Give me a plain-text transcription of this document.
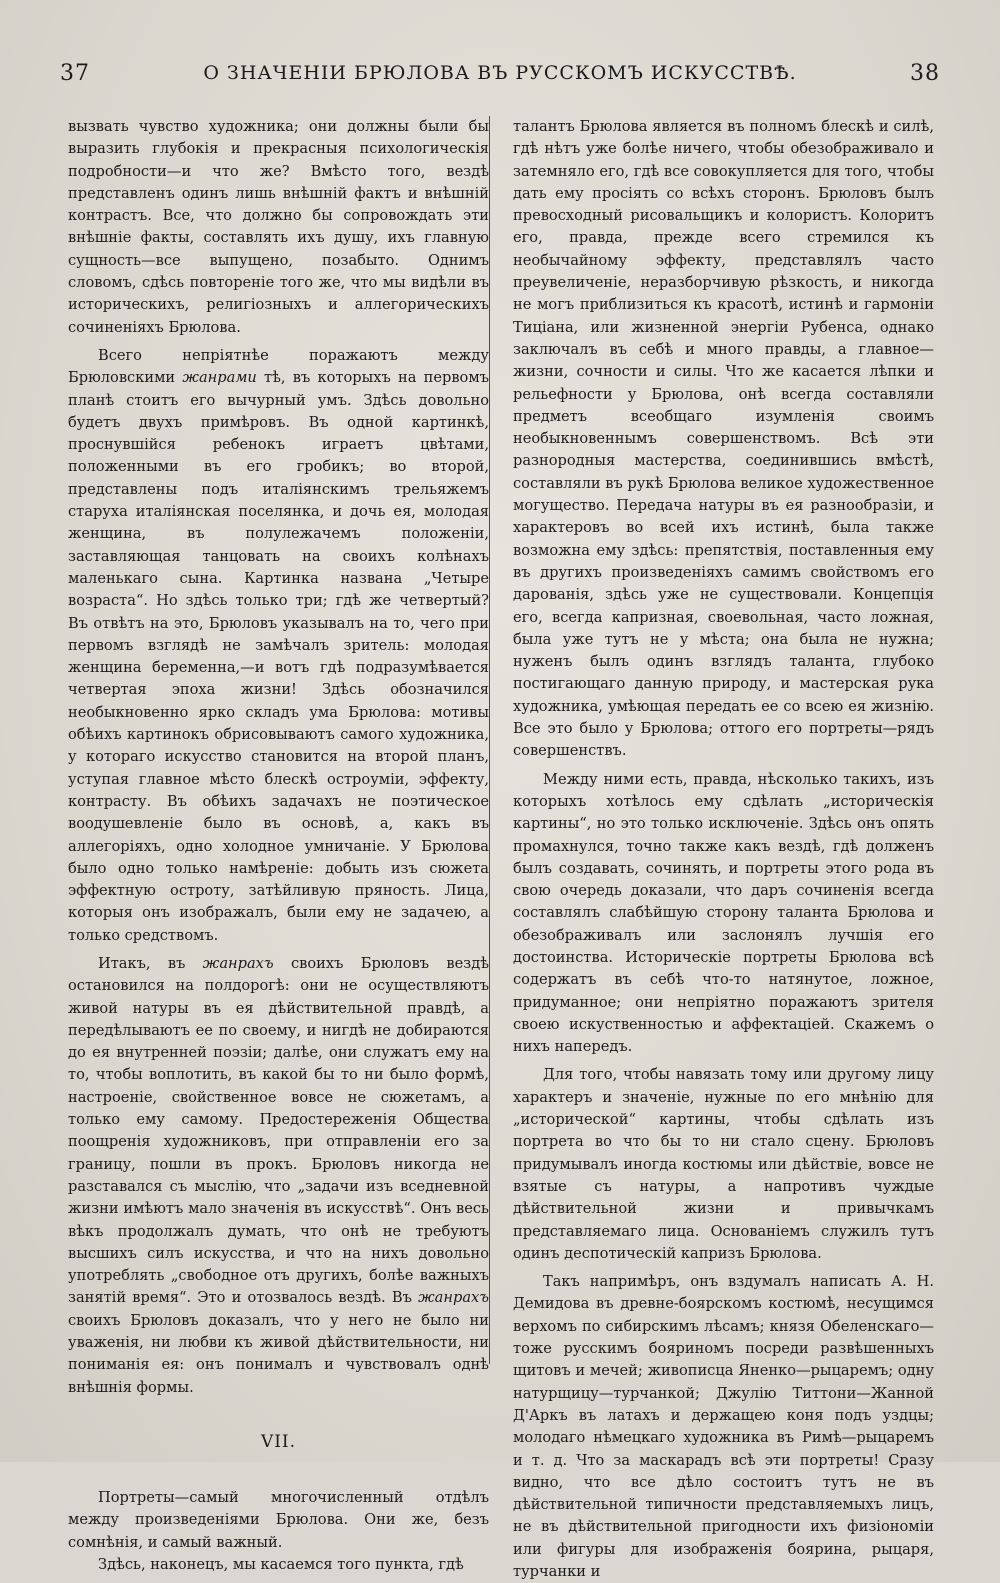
37	О ЗНАЧЕНІИ БРЮЛОВА ВЪ РУССКОМЪ ИСКУССТВѢ.	38

вызвать чувство художника; они должны были бы выразить глубокія и прекрасныя психологическія подробности—и что же? Вмѣсто того, вездѣ представленъ одинъ лишь внѣшній фактъ и внѣшній контрастъ. Все, что должно бы сопровождать эти внѣшніе факты, составлять ихъ душу, ихъ главную сущность—все выпущено, позабыто. Однимъ словомъ, сдѣсь повтореніе того же, что мы видѣли въ историческихъ, религіозныхъ и аллегорическихъ сочиненіяхъ Брюлова.

Всего непріятнѣе поражаютъ между Брюловскими жанрами тѣ, въ которыхъ на первомъ планѣ стоитъ его вычурный умъ. Здѣсь довольно будетъ двухъ примѣровъ. Въ одной картинкѣ, проснувшійся ребенокъ играетъ цвѣтами, положенными въ его гробикъ; во второй, представлены подъ италіянскимъ трельяжемъ старуха италіянская поселянка, и дочь ея, молодая женщина, въ полулежачемъ положеніи, заставляющая танцовать на своихъ колѣнахъ маленькаго сына. Картинка названа „Четыре возраста“. Но здѣсь только три; гдѣ же четвертый? Въ отвѣтъ на это, Брюловъ указывалъ на то, чего при первомъ взглядѣ не замѣчалъ зритель: молодая женщина беременна,—и вотъ гдѣ подразумѣвается четвертая эпоха жизни! Здѣсь обозначился необыкновенно ярко складъ ума Брюлова: мотивы обѣихъ картинокъ обрисовываютъ самого художника, у котораго искусство становится на второй планъ, уступая главное мѣсто блескѣ остроуміи, эффекту, контрасту. Въ обѣихъ задачахъ не поэтическое воодушевленіе было въ основѣ, а, какъ въ аллегоріяхъ, одно холодное умничаніе. У Брюлова было одно только намѣреніе: добыть изъ сюжета эффектную остроту, затѣйливую пряность. Лица, которыя онъ изображалъ, были ему не задачею, а только средствомъ.

Итакъ, въ жанрахъ своихъ Брюловъ вездѣ остановился на полдорогѣ: они не осуществляютъ живой натуры въ ея дѣйствительной правдѣ, а передѣлываютъ ее по своему, и нигдѣ не добираются до ея внутренней поэзіи; далѣе, они служатъ ему на то, чтобы воплотить, въ какой бы то ни было формѣ, настроеніе, свойственное вовсе не сюжетамъ, а только ему самому. Предостереженія Общества поощренія художниковъ, при отправленіи его за границу, пошли въ прокъ. Брюловъ никогда не разставался съ мыслію, что „задачи изъ вседневной жизни имѣютъ мало значенія въ искусствѣ“. Онъ весь вѣкъ продолжалъ думать, что онѣ не требуютъ высшихъ силъ искусства, и что на нихъ довольно употреблять „свободное отъ другихъ, болѣе важныхъ занятій время“. Это и отозвалось вездѣ. Въ жанрахъ своихъ Брюловъ доказалъ, что у него не было ни уваженія, ни любви къ живой дѣйствительности, ни пониманія ея: онъ понималъ и чувствовалъ однѣ внѣшнія формы.

VII.

Портреты—самый многочисленный отдѣлъ между произведеніями Брюлова. Они же, безъ сомнѣнія, и самый важный.

Здѣсь, наконецъ, мы касаемся того пункта, гдѣ

талантъ Брюлова является въ полномъ блескѣ и силѣ, гдѣ нѣтъ уже болѣе ничего, чтобы обезображивало и затемняло его, гдѣ все совокупляется для того, чтобы дать ему просіять со всѣхъ сторонъ. Брюловъ былъ превосходный рисовальщикъ и колористъ. Колоритъ его, правда, прежде всего стремился къ необычайному эффекту, представлялъ часто преувеличеніе, неразборчивую рѣзкость, и никогда не могъ приблизиться къ красотѣ, истинѣ и гармоніи Тиціана, или жизненной энергіи Рубенса, однако заключалъ въ себѣ и много правды, а главное—жизни, сочности и силы. Что же касается лѣпки и рельефности у Брюлова, онѣ всегда составляли предметъ всеобщаго изумленія своимъ необыкновеннымъ совершенствомъ. Всѣ эти разнородныя мастерства, соединившись вмѣстѣ, составляли въ рукѣ Брюлова великое художественное могущество. Передача натуры въ ея разнообразіи, и характеровъ во всей ихъ истинѣ, была также возможна ему здѣсь: препятствія, поставленныя ему въ другихъ произведеніяхъ самимъ свойствомъ его дарованія, здѣсь уже не существовали. Концепція его, всегда капризная, своевольная, часто ложная, была уже тутъ не у мѣста; она была не нужна; нуженъ былъ одинъ взглядъ таланта, глубоко постигающаго данную природу, и мастерская рука художника, умѣющая передать ее со всею ея жизнію. Все это было у Брюлова; оттого его портреты—рядъ совершенствъ.

Между ними есть, правда, нѣсколько такихъ, изъ которыхъ хотѣлось ему сдѣлать „историческія картины“, но это только исключеніе. Здѣсь онъ опять промахнулся, точно также какъ вездѣ, гдѣ долженъ былъ создавать, сочинять, и портреты этого рода въ свою очередь доказали, что даръ сочиненія всегда составлялъ слабѣйшую сторону таланта Брюлова и обезображивалъ или заслонялъ лучшія его достоинства. Историческіе портреты Брюлова всѣ содержатъ въ себѣ что-то натянутое, ложное, придуманное; они непріятно поражаютъ зрителя своею искуственностью и аффектаціей. Скажемъ о нихъ напередъ.

Для того, чтобы навязать тому или другому лицу характеръ и значеніе, нужные по его мнѣнію для „исторической“ картины, чтобы сдѣлать изъ портрета во что бы то ни стало сцену. Брюловъ придумывалъ иногда костюмы или дѣйствіе, вовсе не взятые съ натуры, а напротивъ чуждые дѣйствительной жизни и привычкамъ представляемаго лица. Основаніемъ служилъ тутъ одинъ деспотическій капризъ Брюлова.

Такъ напримѣръ, онъ вздумалъ написать А. Н. Демидова въ древне-боярскомъ костюмѣ, несущимся верхомъ по сибирскимъ лѣсамъ; князя Обеленскаго—тоже русскимъ бояриномъ посреди развѣшенныхъ щитовъ и мечей; живописца Яненко—рыцаремъ; одну натурщицу—турчанкой; Джулію Титтони—Жанной Д'Аркъ въ латахъ и держащею коня подъ уздцы; молодаго нѣмецкаго художника въ Римѣ—рыцаремъ и т. д. Что за маскарадъ всѣ эти портреты! Сразу видно, что все дѣло состоитъ тутъ не въ дѣйствительной типичности представляемыхъ лицъ, не въ дѣйствительной пригодности ихъ физіономіи или фигуры для изображенія боярина, рыцаря, турчанки и
